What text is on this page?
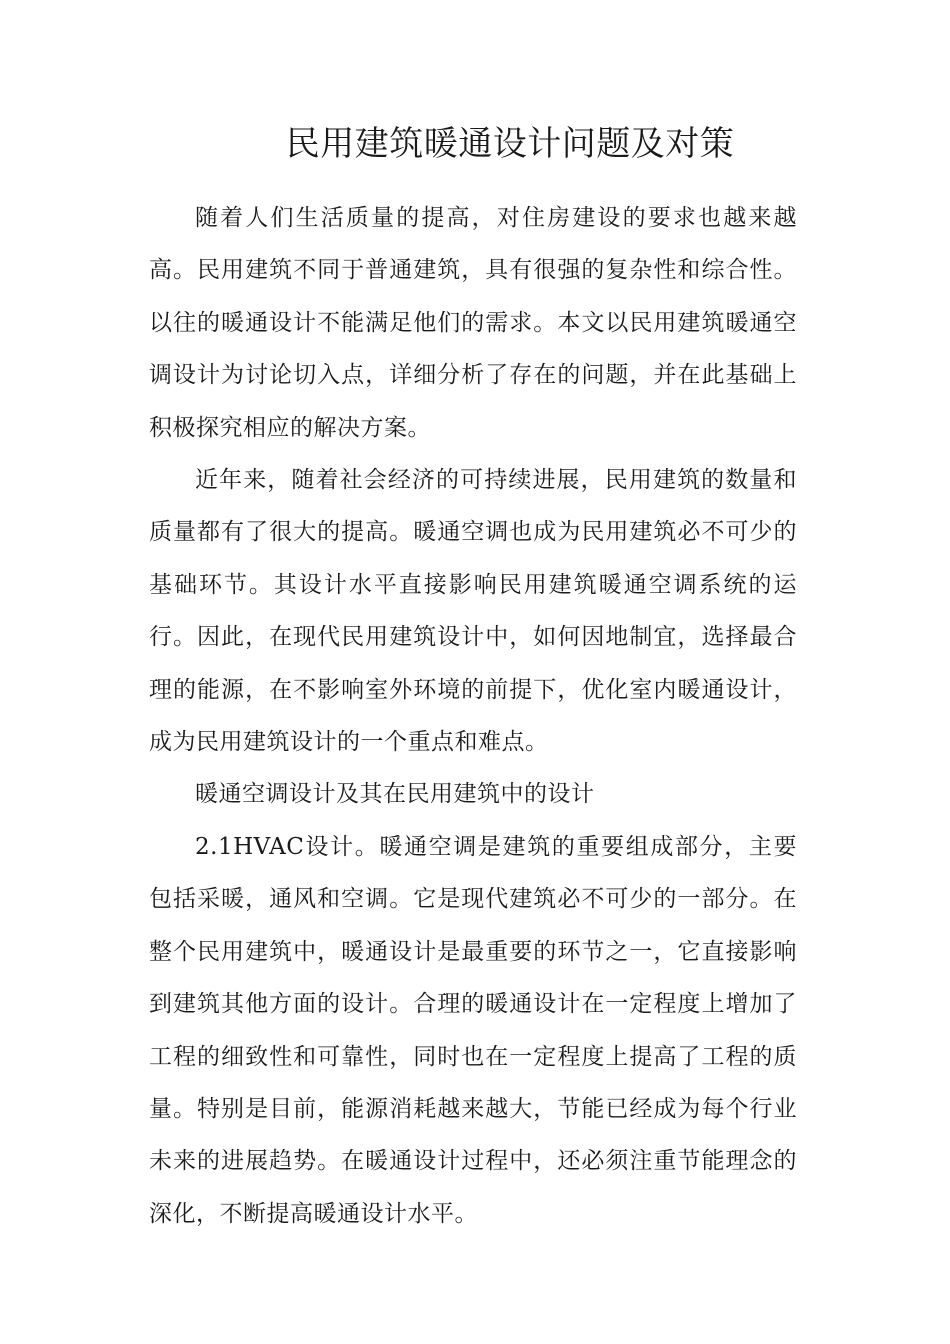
民用建筑暖通设计问题及对策

随着人们生活质量的提高，对住房建设的要求也越来越高。民用建筑不同于普通建筑，具有很强的复杂性和综合性。以往的暖通设计不能满足他们的需求。本文以民用建筑暖通空调设计为讨论切入点，详细分析了存在的问题，并在此基础上积极探究相应的解决方案。

近年来，随着社会经济的可持续进展，民用建筑的数量和质量都有了很大的提高。暖通空调也成为民用建筑必不可少的基础环节。其设计水平直接影响民用建筑暖通空调系统的运行。因此，在现代民用建筑设计中，如何因地制宜，选择最合理的能源，在不影响室外环境的前提下，优化室内暖通设计，成为民用建筑设计的一个重点和难点。

暖通空调设计及其在民用建筑中的设计

2.1HVAC设计。暖通空调是建筑的重要组成部分，主要包括采暖，通风和空调。它是现代建筑必不可少的一部分。在整个民用建筑中，暖通设计是最重要的环节之一，它直接影响到建筑其他方面的设计。合理的暖通设计在一定程度上增加了工程的细致性和可靠性，同时也在一定程度上提高了工程的质量。特别是目前，能源消耗越来越大，节能已经成为每个行业未来的进展趋势。在暖通设计过程中，还必须注重节能理念的深化，不断提高暖通设计水平。
